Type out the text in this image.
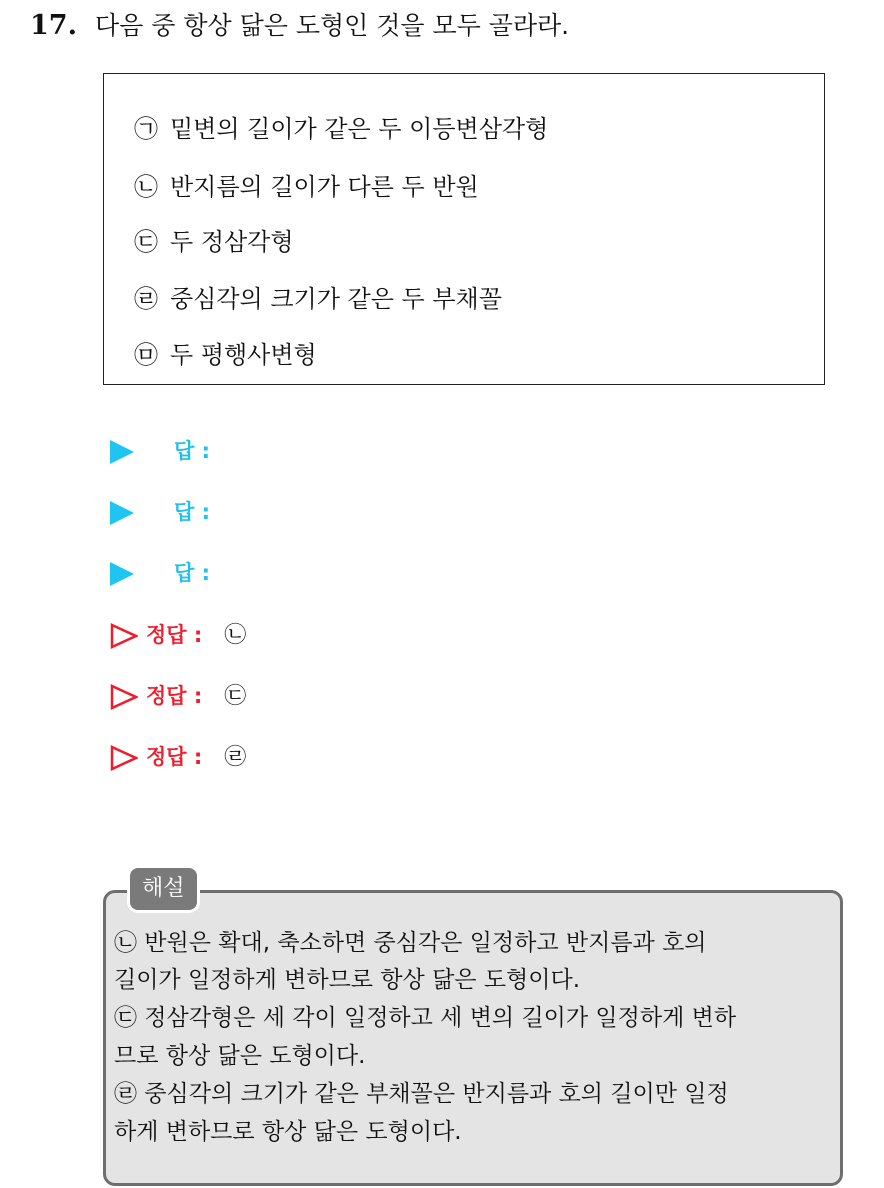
17. 다음 중 항상 닮은 도형인 것을 모두 골라라.
㉠ 밑변의 길이가 같은 두 이등변삼각형
㉡ 반지름의 길이가 다른 두 반원
㉢ 두 정삼각형
㉣ 중심각의 크기가 같은 두 부채꼴
㉤ 두 평행사변형
답 :
답 :
답 :
정답 : ㉡
정답 : ㉢
정답 : ㉣
해설
㉡ 반원은 확대, 축소하면 중심각은 일정하고 반지름과 호의
길이가 일정하게 변하므로 항상 닮은 도형이다.
㉢ 정삼각형은 세 각이 일정하고 세 변의 길이가 일정하게 변하
므로 항상 닮은 도형이다.
㉣ 중심각의 크기가 같은 부채꼴은 반지름과 호의 길이만 일정
하게 변하므로 항상 닮은 도형이다.
